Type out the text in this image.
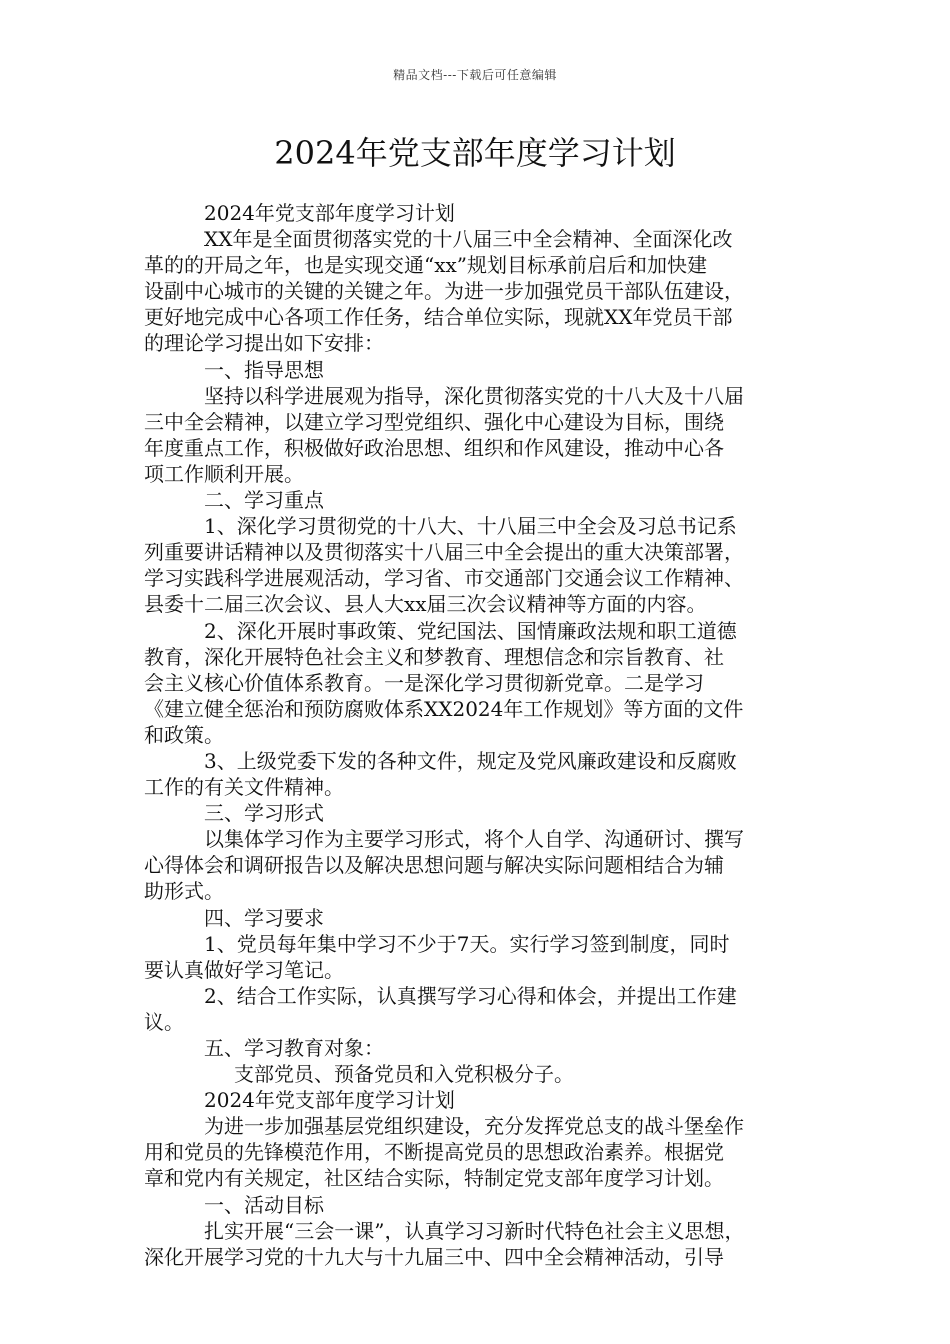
精品文档---下载后可任意编辑
2024年党支部年度学习计划
2024年党支部年度学习计划
XX年是全面贯彻落实党的十八届三中全会精神、全面深化改
革的的开局之年，也是实现交通“xx”规划目标承前启后和加快建
设副中心城市的关键的关键之年。为进一步加强党员干部队伍建设，
更好地完成中心各项工作任务，结合单位实际，现就XX年党员干部
的理论学习提出如下安排：
一、指导思想
坚持以科学进展观为指导，深化贯彻落实党的十八大及十八届
三中全会精神，以建立学习型党组织、强化中心建设为目标，围绕
年度重点工作，积极做好政治思想、组织和作风建设，推动中心各
项工作顺利开展。
二、学习重点
1、深化学习贯彻党的十八大、十八届三中全会及习总书记系
列重要讲话精神以及贯彻落实十八届三中全会提出的重大决策部署，
学习实践科学进展观活动，学习省、市交通部门交通会议工作精神、
县委十二届三次会议、县人大xx届三次会议精神等方面的内容。
2、深化开展时事政策、党纪国法、国情廉政法规和职工道德
教育，深化开展特色社会主义和梦教育、理想信念和宗旨教育、社
会主义核心价值体系教育。一是深化学习贯彻新党章。二是学习
《建立健全惩治和预防腐败体系XX2024年工作规划》等方面的文件
和政策。
3、上级党委下发的各种文件，规定及党风廉政建设和反腐败
工作的有关文件精神。
三、学习形式
以集体学习作为主要学习形式，将个人自学、沟通研讨、撰写
心得体会和调研报告以及解决思想问题与解决实际问题相结合为辅
助形式。
四、学习要求
1、党员每年集中学习不少于7天。实行学习签到制度，同时
要认真做好学习笔记。
2、结合工作实际，认真撰写学习心得和体会，并提出工作建
议。
五、学习教育对象：
支部党员、预备党员和入党积极分子。
2024年党支部年度学习计划
为进一步加强基层党组织建设，充分发挥党总支的战斗堡垒作
用和党员的先锋模范作用，不断提高党员的思想政治素养。根据党
章和党内有关规定，社区结合实际，特制定党支部年度学习计划。
一、活动目标
扎实开展“三会一课”，认真学习习新时代特色社会主义思想，
深化开展学习党的十九大与十九届三中、四中全会精神活动，引导
